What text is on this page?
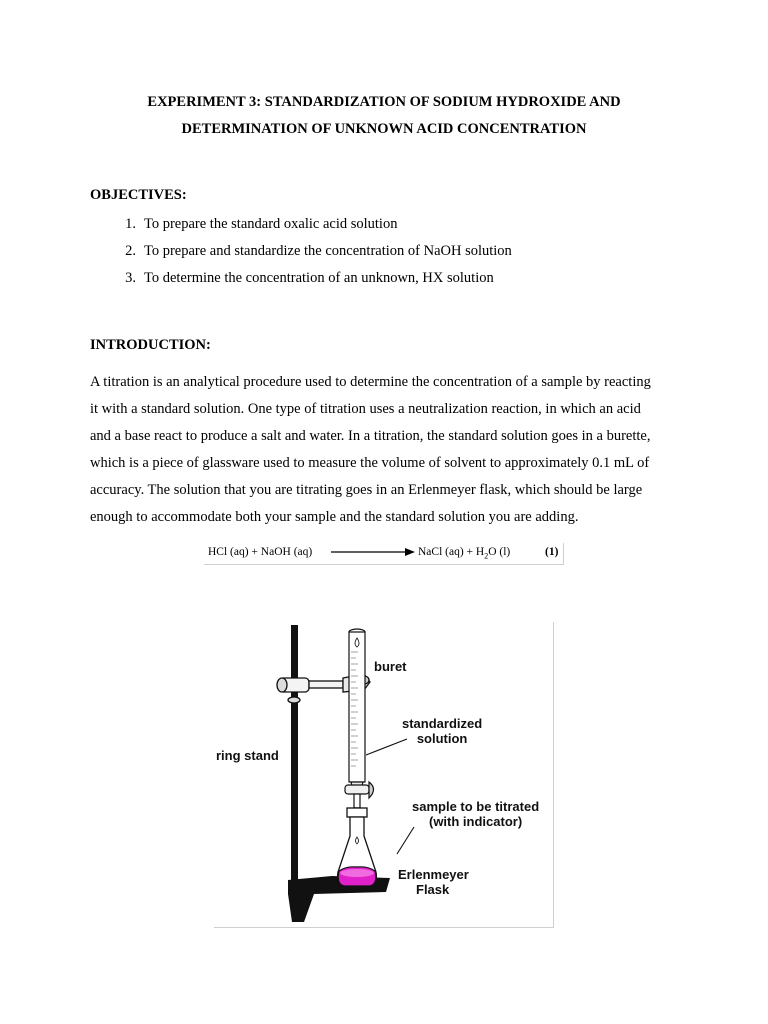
EXPERIMENT 3: STANDARDIZATION OF SODIUM HYDROXIDE AND
DETERMINATION OF UNKNOWN ACID CONCENTRATION
OBJECTIVES:
1. To prepare the standard oxalic acid solution
2. To prepare and standardize the concentration of NaOH solution
3. To determine the concentration of an unknown, HX solution
INTRODUCTION:
A titration is an analytical procedure used to determine the concentration of a sample by reacting
it with a standard solution. One type of titration uses a neutralization reaction, in which an acid
and a base react to produce a salt and water. In a titration, the standard solution goes in a burette,
which is a piece of glassware used to measure the volume of solvent to approximately 0.1 mL of
accuracy. The solution that you are titrating goes in an Erlenmeyer flask, which should be large
enough to accommodate both your sample and the standard solution you are adding.
HCl (aq) + NaOH (aq)	NaCl $(aq) + H_2O$ (l)	(1)
buret
standardized
solution
ring stand
sample to be titrated
(with indicator)
Erlenmeyer
Flask
